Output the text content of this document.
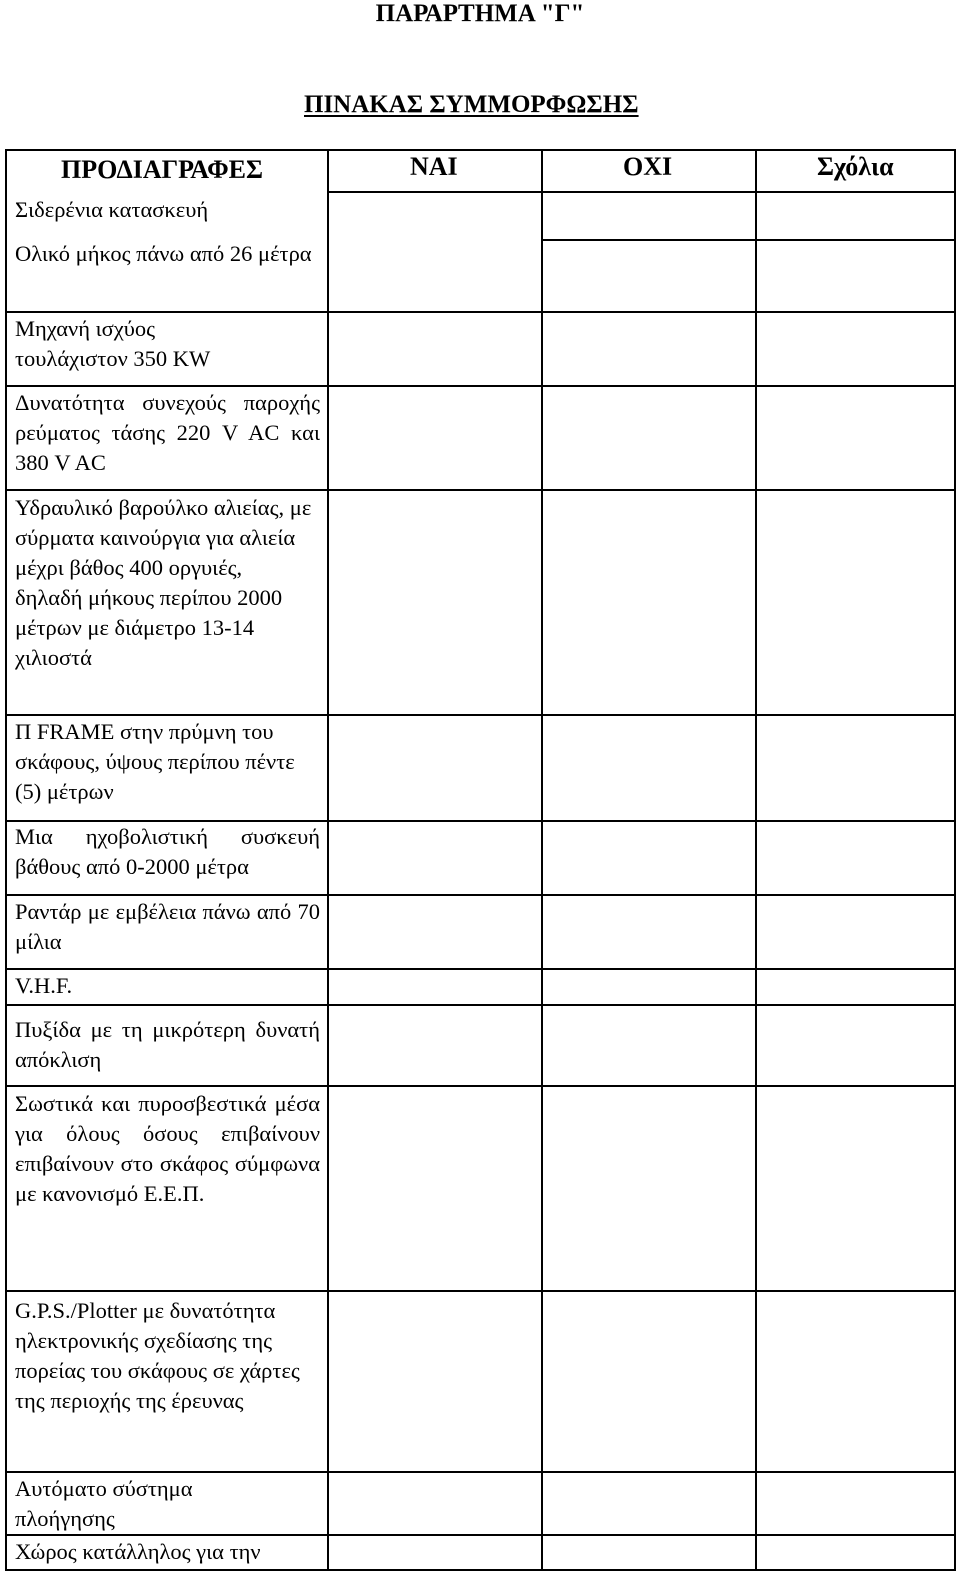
ΠΑΡΑΡΤΗΜΑ "Γ"
ΠΙΝΑΚΑΣ ΣΥΜΜΟΡΦΩΣΗΣ
ΠΡΟΔΙΑΓΡΑΦΕΣ	ΝΑΙ	ΟΧΙ	Σχόλια
Σιδερένια κατασκευή
Ολικό μήκος πάνω από 26 μέτρα
Μηχανή ισχύος τουλάχιστον 350 KW
Δυνατότητα συνεχούς παροχής ρεύματος τάσης 220 V AC και 380 V AC
Υδραυλικό βαρούλκο αλιείας, με σύρματα καινούργια για αλιεία μέχρι βάθος 400 οργυιές, δηλαδή μήκους περίπου 2000 μέτρων με διάμετρο 13-14 χιλιοστά
Π FRAME στην πρύμνη του σκάφους, ύψους περίπου πέντε (5) μέτρων
Μια ηχοβολιστική συσκευή βάθους από 0-2000 μέτρα
Ραντάρ με εμβέλεια πάνω από 70 μίλια
V.H.F.
Πυξίδα με τη μικρότερη δυνατή απόκλιση
Σωστικά και πυροσβεστικά μέσα για όλους όσους επιβαίνουν επιβαίνουν στο σκάφος σύμφωνα με κανονισμό Ε.Ε.Π.
G.P.S./Plotter με δυνατότητα ηλεκτρονικής σχεδίασης της πορείας του σκάφους σε χάρτες της περιοχής της έρευνας
Αυτόματο σύστημα πλοήγησης
Χώρος κατάλληλος για την
